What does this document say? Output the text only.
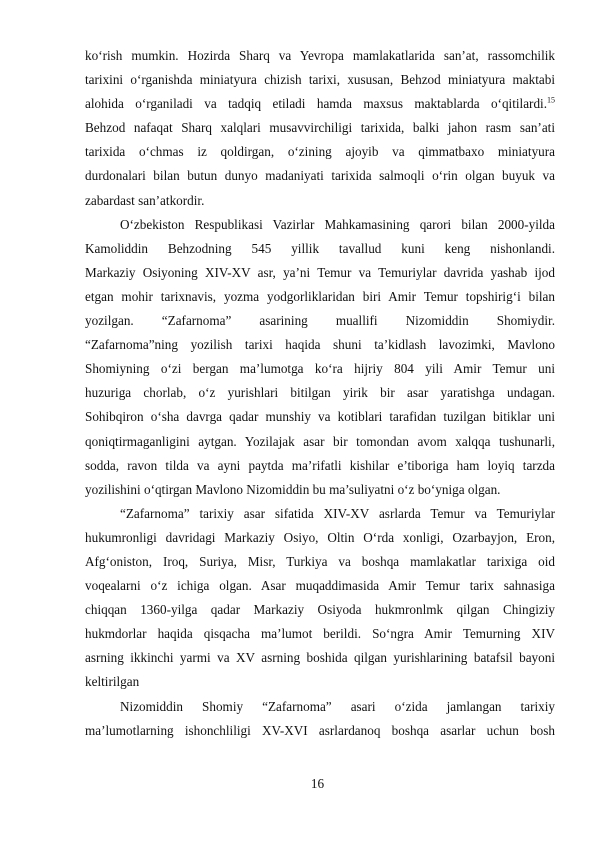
ko‘rish mumkin. Hozirda Sharq va Yevropa mamlakatlarida san’at, rassomchilik
tarixini o‘rganishda miniatyura chizish tarixi, xususan, Behzod miniatyura maktabi
alohida o‘rganiladi va tadqiq etiladi hamda maxsus maktablarda o‘qitilardi.$^{15}$
Behzod nafaqat Sharq xalqlari musavvirchiligi tarixida, balki jahon rasm san’ati
tarixida o‘chmas iz qoldirgan, o‘zining ajoyib va qimmatbaxo miniatyura
durdonalari bilan butun dunyo madaniyati tarixida salmoqli o‘rin olgan buyuk va
zabardast san’atkordir.
O‘zbekiston Respublikasi Vazirlar Mahkamasining qarori bilan 2000-yilda
Kamoliddin Behzodning 545 yillik tavallud kuni keng nishonlandi.
Markaziy Osiyoning XIV-XV asr, ya’ni Temur va Temuriylar davrida yashab ijod
etgan mohir tarixnavis, yozma yodgorliklaridan biri Amir Temur topshirig‘i bilan
yozilgan. “Zafarnoma” asarining muallifi Nizomiddin Shomiydir.
“Zafarnoma”ning yozilish tarixi haqida shuni ta’kidlash lavozimki, Mavlono
Shomiyning o‘zi bergan ma’lumotga ko‘ra hijriy 804 yili Amir Temur uni
huzuriga chorlab, o‘z yurishlari bitilgan yirik bir asar yaratishga undagan.
Sohibqiron o‘sha davrga qadar munshiy va kotiblari tarafidan tuzilgan bitiklar uni
qoniqtirmaganligini aytgan. Yozilajak asar bir tomondan avom xalqqa tushunarli,
sodda, ravon tilda va ayni paytda ma’rifatli kishilar e’tiboriga ham loyiq tarzda
yozilishini o‘qtirgan Mavlono Nizomiddin bu ma’suliyatni o‘z bo‘yniga olgan.
“Zafarnoma” tarixiy asar sifatida XIV-XV asrlarda Temur va Temuriylar
hukumronligi davridagi Markaziy Osiyo, Oltin O‘rda xonligi, Ozarbayjon, Eron,
Afg‘oniston, Iroq, Suriya, Misr, Turkiya va boshqa mamlakatlar tarixiga oid
voqealarni o‘z ichiga olgan. Asar muqaddimasida Amir Temur tarix sahnasiga
chiqqan 1360-yilga qadar Markaziy Osiyoda hukmronlmk qilgan Chingiziy
hukmdorlar haqida qisqacha ma’lumot berildi. So‘ngra Amir Temurning XIV
asrning ikkinchi yarmi va XV asrning boshida qilgan yurishlarining batafsil bayoni
keltirilgan
Nizomiddin Shomiy “Zafarnoma” asari o‘zida jamlangan tarixiy
ma’lumotlarning ishonchliligi XV-XVI asrlardanoq boshqa asarlar uchun bosh
16
